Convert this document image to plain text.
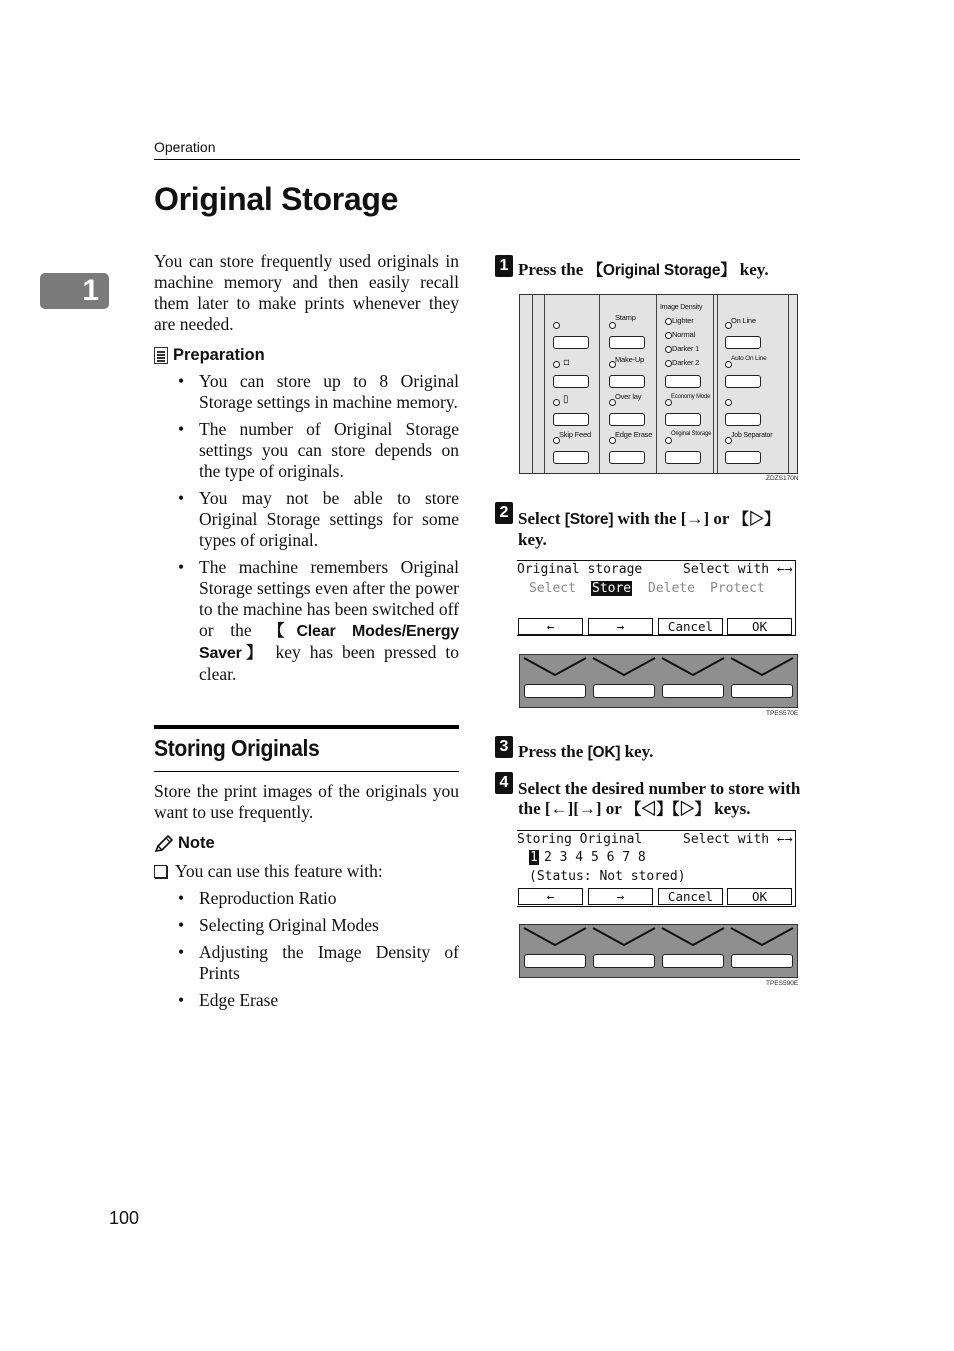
Operation
Original Storage
1
You can store frequently used originals in machine memory and then easily recall them later to make prints whenever they are needed.
Preparation
• You can store up to 8 Original Storage settings in machine memory.
• The number of Original Storage settings you can store depends on the type of originals.
• You may not be able to store Original Storage settings for some types of original.
• The machine remembers Original Storage settings even after the power to the machine has been switched off or the 【Clear Modes/Energy Saver】 key has been pressed to clear.
Storing Originals
Store the print images of the originals you want to use frequently.
Note
You can use this feature with:
• Reproduction Ratio
• Selecting Original Modes
• Adjusting the Image Density of Prints
• Edge Erase
1 Press the 【Original Storage】 key.
▫
▯
Skip Feed
Stamp
Make-Up
Over lay
Edge Erase
Image Density
Lighter
Normal
Darker 1
Darker 2
Economy Mode
Original Storage
On Line
Auto On Line
Job Separator
ZDZS170N
2 Select [Store] with the [→] or 【▷】 key.
Original storage	Select with ←→
Select Store Delete Protect
←	→	Cancel	OK
TPES570E
3 Press the [OK] key.
4 Select the desired number to store with the [←][→] or 【◁】【▷】 keys.
Storing Original	Select with ←→
1 2 3 4 5 6 7 8
(Status: Not stored)
←	→	Cancel	OK
TPES590E
100
